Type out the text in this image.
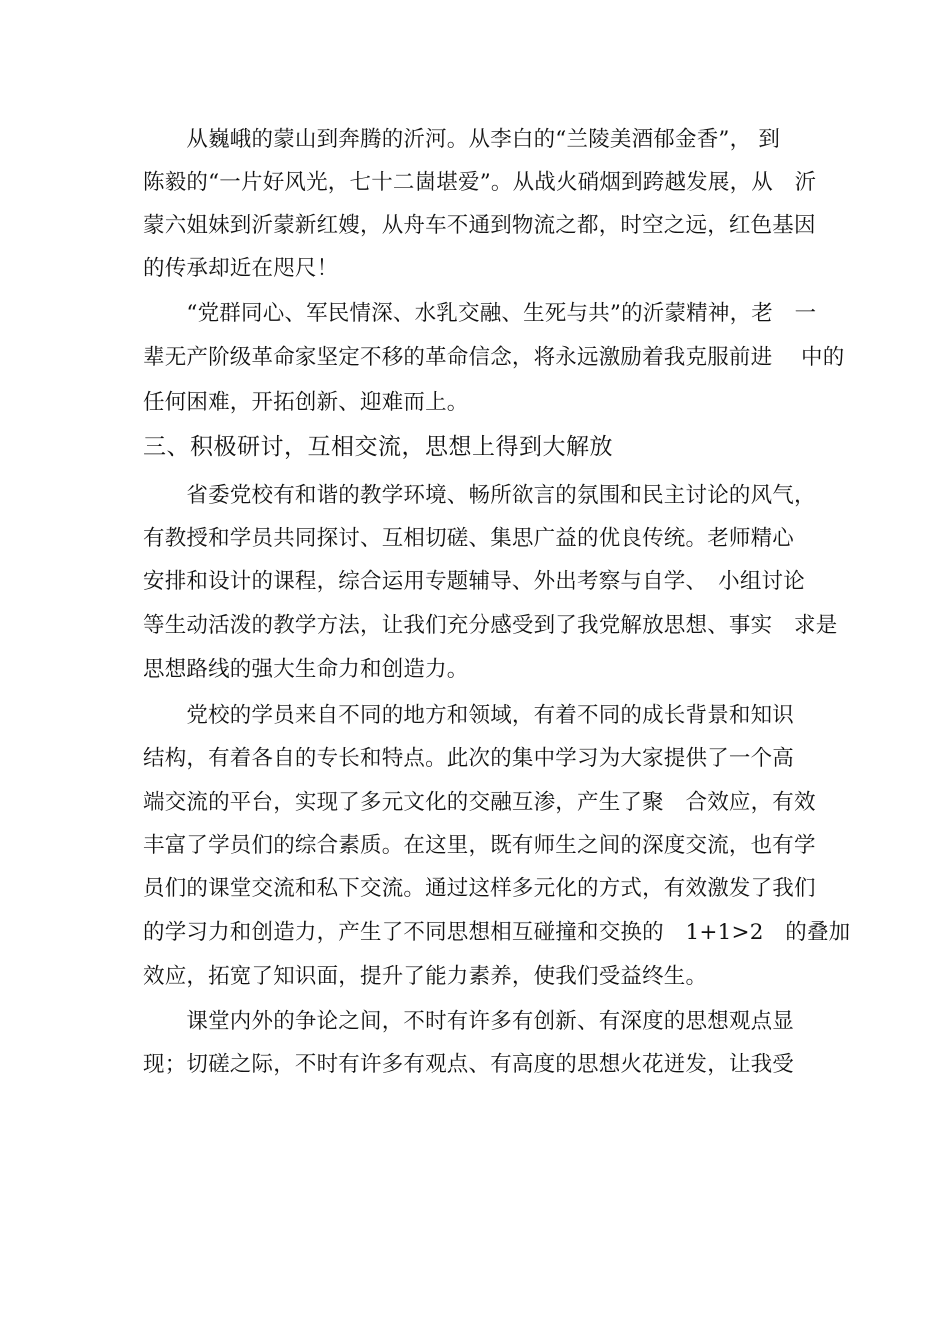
　　从巍峨的蒙山到奔腾的沂河。从李白的“兰陵美酒郁金香”， 到
陈毅的“一片好风光，七十二崮堪爱”。从战火硝烟到跨越发展，从　沂
蒙六姐妹到沂蒙新红嫂，从舟车不通到物流之都，时空之远，红色基因
的传承却近在咫尺！
　　“党群同心、军民情深、水乳交融、生死与共”的沂蒙精神，老　一
辈无产阶级革命家坚定不移的革命信念，将永远激励着我克服前进　 中的
任何困难，开拓创新、迎难而上。
三、积极研讨，互相交流，思想上得到大解放
　　省委党校有和谐的教学环境、畅所欲言的氛围和民主讨论的风气，
有教授和学员共同探讨、互相切磋、集思广益的优良传统。老师精心
安排和设计的课程，综合运用专题辅导、外出考察与自学、　小组讨论
等生动活泼的教学方法，让我们充分感受到了我党解放思想、事实　求是
思想路线的强大生命力和创造力。
　　党校的学员来自不同的地方和领域，有着不同的成长背景和知识
结构，有着各自的专长和特点。此次的集中学习为大家提供了一个高
端交流的平台，实现了多元文化的交融互渗，产生了聚　合效应，有效
丰富了学员们的综合素质。在这里，既有师生之间的深度交流，也有学
员们的课堂交流和私下交流。通过这样多元化的方式，有效激发了我们
的学习力和创造力，产生了不同思想相互碰撞和交换的　1+1>2　的叠加
效应，拓宽了知识面，提升了能力素养，使我们受益终生。
　　课堂内外的争论之间，不时有许多有创新、有深度的思想观点显
现；切磋之际，不时有许多有观点、有高度的思想火花迸发，让我受
